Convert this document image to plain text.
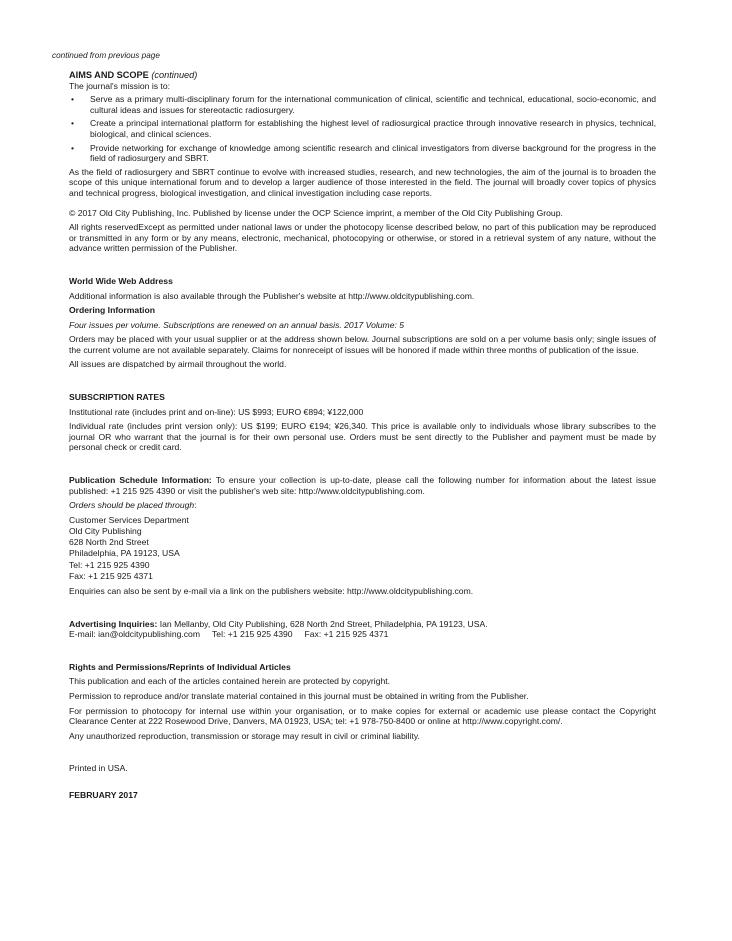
continued from previous page

AIMS AND SCOPE (continued)

The journal's mission is to:

• Serve as a primary multi-disciplinary forum for the international communication of clinical, scientific and technical, educational, socio-economic, and cultural ideas and issues for stereotactic radiosurgery.
• Create a principal international platform for establishing the highest level of radiosurgical practice through innovative research in physics, technical, biological, and clinical sciences.
• Provide networking for exchange of knowledge among scientific research and clinical investigators from diverse background for the progress in the field of radiosurgery and SBRT.

As the field of radiosurgery and SBRT continue to evolve with increased studies, research, and new technologies, the aim of the journal is to broaden the scope of this unique international forum and to develop a larger audience of those interested in the field. The journal will broadly cover topics of physics and technical progress, biological investigation, and clinical investigation including case reports.

© 2017 Old City Publishing, Inc. Published by license under the OCP Science imprint, a member of the Old City Publishing Group.

All rights reservedExcept as permitted under national laws or under the photocopy license described below, no part of this publication may be reproduced or transmitted in any form or by any means, electronic, mechanical, photocopying or otherwise, or stored in a retrieval system of any nature, without the advance written permission of the Publisher.

World Wide Web Address

Additional information is also available through the Publisher's website at http://www.oldcitypublishing.com.

Ordering Information

Four issues per volume. Subscriptions are renewed on an annual basis. 2017 Volume: 5

Orders may be placed with your usual supplier or at the address shown below. Journal subscriptions are sold on a per volume basis only; single issues of the current volume are not available separately. Claims for nonreceipt of issues will be honored if made within three months of publication of the issue.

All issues are dispatched by airmail throughout the world.

SUBSCRIPTION RATES

Institutional rate (includes print and on-line): US $993; EURO €894; ¥122,000

Individual rate (includes print version only): US $199; EURO €194; ¥26,340. This price is available only to individuals whose library subscribes to the journal OR who warrant that the journal is for their own personal use. Orders must be sent directly to the Publisher and payment must be made by personal check or credit card.

Publication Schedule Information: To ensure your collection is up-to-date, please call the following number for information about the latest issue published: +1 215 925 4390 or visit the publisher's web site: http://www.oldcitypublishing.com.

Orders should be placed through:

Customer Services Department

Old City Publishing

628 North 2nd Street

Philadelphia, PA 19123, USA

Tel: +1 215 925 4390

Fax: +1 215 925 4371

Enquiries can also be sent by e-mail via a link on the publishers website: http://www.oldcitypublishing.com.

Advertising Inquiries: Ian Mellanby, Old City Publishing, 628 North 2nd Street, Philadelphia, PA 19123, USA.

E-mail: ian@oldcitypublishing.com Tel: +1 215 925 4390 Fax: +1 215 925 4371

Rights and Permissions/Reprints of Individual Articles

This publication and each of the articles contained herein are protected by copyright.

Permission to reproduce and/or translate material contained in this journal must be obtained in writing from the Publisher.

For permission to photocopy for internal use within your organisation, or to make copies for external or academic use please contact the Copyright Clearance Center at 222 Rosewood Drive, Danvers, MA 01923, USA; tel: +1 978-750-8400 or online at http://www.copyright.com/.

Any unauthorized reproduction, transmission or storage may result in civil or criminal liability.

Printed in USA.

FEBRUARY 2017
